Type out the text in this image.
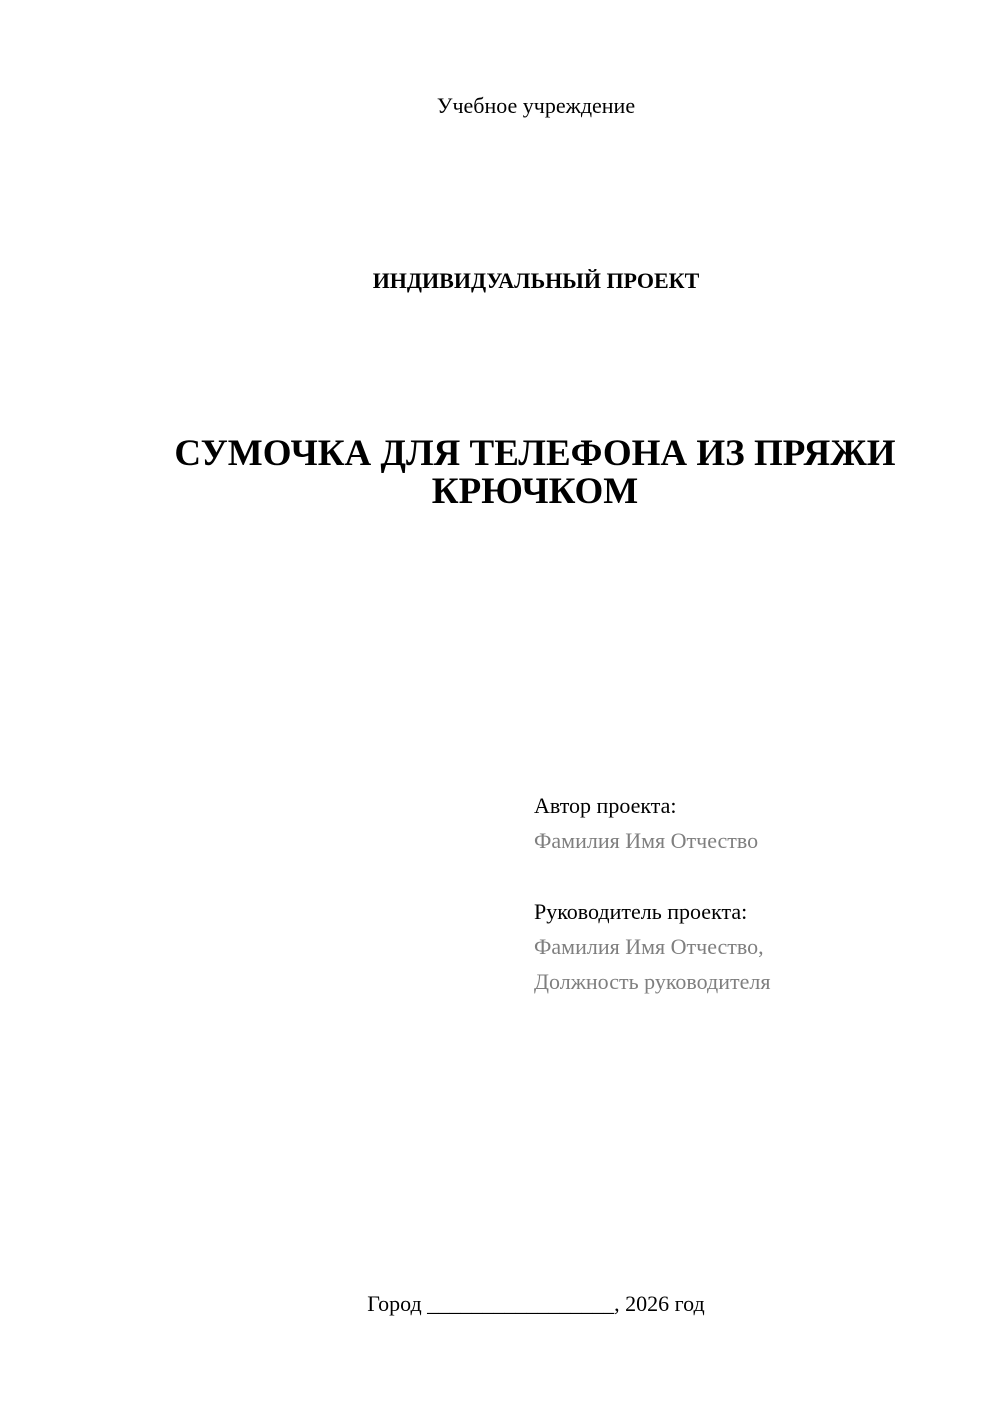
Учебное учреждение
ИНДИВИДУАЛЬНЫЙ ПРОЕКТ
СУМОЧКА ДЛЯ ТЕЛЕФОНА ИЗ ПРЯЖИ
КРЮЧКОМ
Автор проекта:
Фамилия Имя Отчество
Руководитель проекта:
Фамилия Имя Отчество,
Должность руководителя
Город _________________, 2026 год
